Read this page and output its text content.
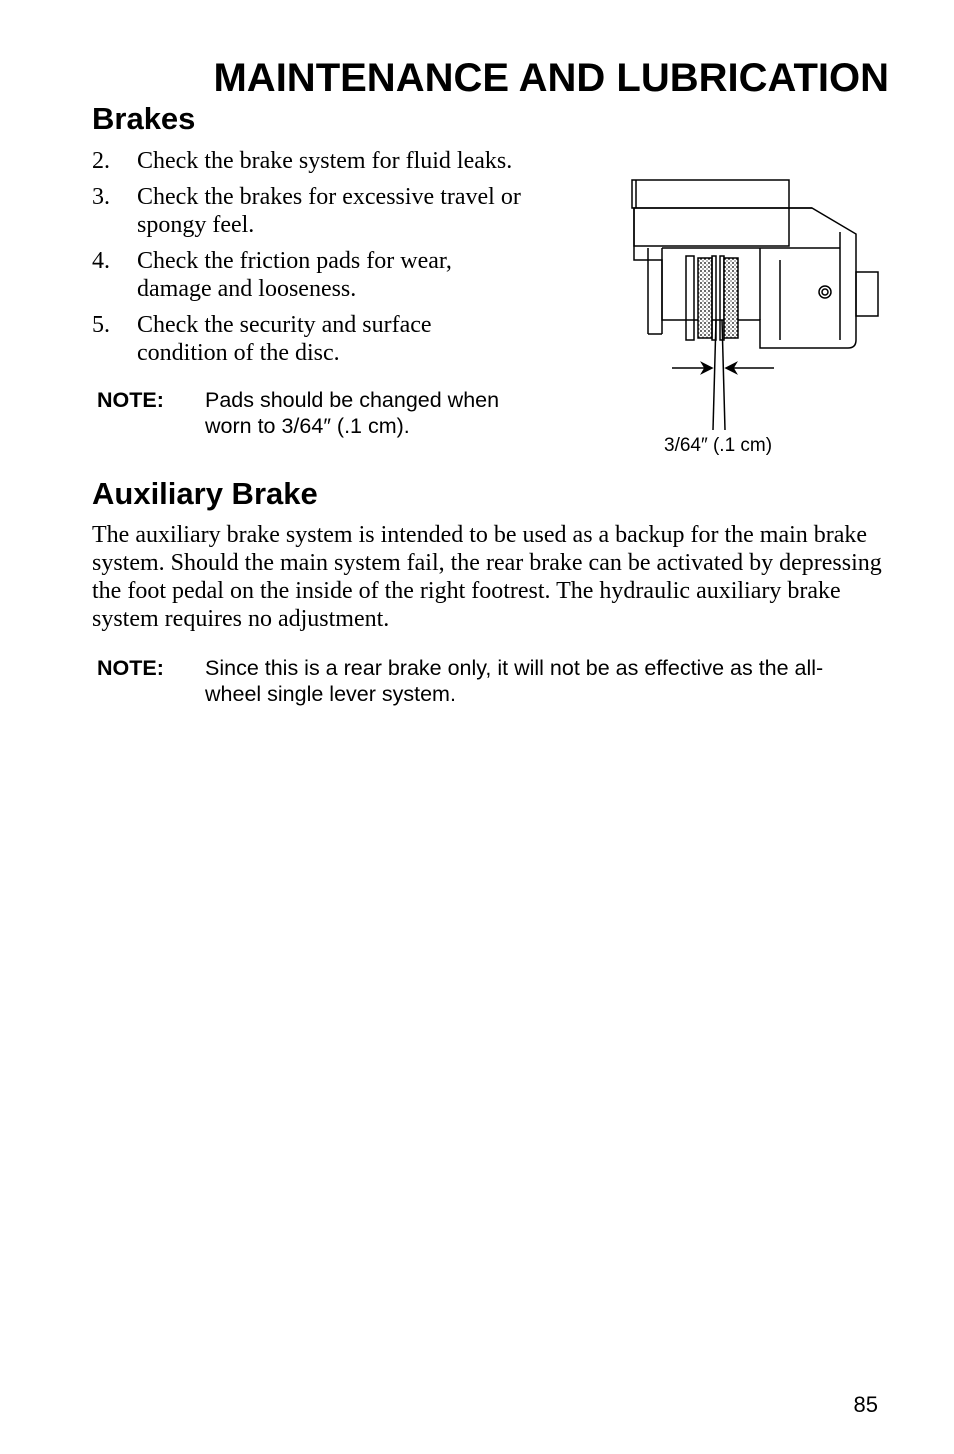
MAINTENANCE AND LUBRICATION
Brakes
2. Check the brake system for fluid leaks.
3. Check the brakes for excessive travel or spongy feel.
4. Check the friction pads for wear, damage and looseness.
5. Check the security and surface condition of the disc.
NOTE: Pads should be changed when worn to 3/64″ (.1 cm).
3/64″ (.1 cm)
Auxiliary Brake

The auxiliary brake system is intended to be used as a backup for the main brake system. Should the main system fail, the rear brake can be activated by depressing the foot pedal on the inside of the right footrest. The hydraulic auxiliary brake system requires no adjustment.

NOTE: Since this is a rear brake only, it will not be as effective as the all-wheel single lever system.
85
